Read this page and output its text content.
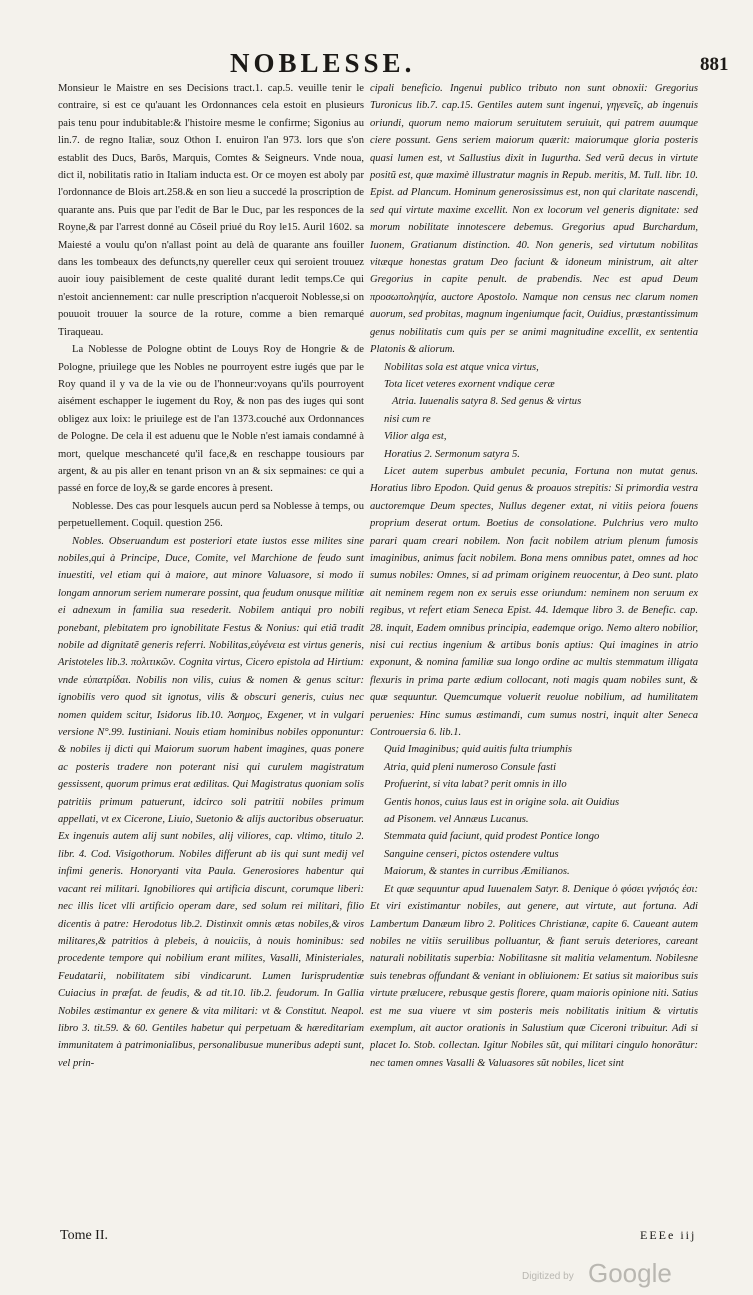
NOBLESSE.	881

Monsieur le Maistre en ses Decisions tract.1. cap.5. veuille tenir le contraire, si est ce qu'auant les Ordonnances cela estoit en plusieurs pais tenu pour indubitable:& l'histoire mesme le confirme; Sigonius au lin.7. de regno Italiæ, souz Othon I. enuiron l'an 973. lors que s'on establit des Ducs, Barôs, Marquis, Comtes & Seigneurs. Vnde noua, dict il, nobilitatis ratio in Italiam inducta est. Or ce moyen est aboly par l'ordonnance de Blois art.258.& en son lieu a succedé la proscription de quarante ans. Puis que par l'edit de Bar le Duc, par les responces de la Royne,& par l'arrest donné au Cõseil priué du Roy le15. Auril 1602. sa Maiesté a voulu qu'on n'allast point au delà de quarante ans fouiller dans les tombeaux des defuncts,ny quereller ceux qui seroient trouuez auoir iouy paisiblement de ceste qualité durant ledit temps.Ce qui n'estoit anciennement: car nulle prescription n'acqueroit Noblesse,si on pouuoit trouuer la source de la roture, comme a bien remarqué Tiraqueau.

La Noblesse de Pologne obtint de Louys Roy de Hongrie & de Pologne, priuilege que les Nobles ne pourroyent estre iugés que par le Roy quand il y va de la vie ou de l'honneur:voyans qu'ils pourroyent aisément eschapper le iugement du Roy, & non pas des iuges qui sont obligez aux loix: le priuilege est de l'an 1373.couché aux Ordonnances de Pologne. De cela il est aduenu que le Noble n'est iamais condamné à mort, quelque meschanceté qu'il face,& en reschappe tousiours par argent, & au pis aller en tenant prison vn an & six sepmaines: ce qui a passé en force de loy,& se garde encores à present.

Noblesse. Des cas pour lesquels aucun perd sa Noblesse à temps, ou perpetuellement. Coquil. question 256.

Nobles. Obseruandum est posteriori etate iustos esse milites sine nobiles,qui à Principe, Duce, Comite, vel Marchione de feudo sunt inuestiti, vel etiam qui à maiore, aut minore Valuasore, si modo ii longam annorum seriem numerare possint, qua feudum onusque militiæ ei adnexum in familia sua resederit. Nobilem antiqui pro nobili ponebant, plebitatem pro ignobilitate Festus & Nonius: qui etiã tradit nobile ad dignitatẽ generis referri. Nobilitas,εὐγένεια est virtus generis, Aristoteles lib.3. πολιτικῶν. Cognita virtus, Cicero epistola ad Hirtium: vnde εὐπατρίδαι. Nobilis non vilis, cuius & nomen & genus scitur: ignobilis vero quod sit ignotus, vilis & obscuri generis, cuius nec nomen quidem scitur, Isidorus lib.10. Ἀσημος, Exgener, vt in vulgari versione N°.99. Iustiniani. Nouis etiam hominibus nobiles opponuntur: & nobiles ij dicti qui Maiorum suorum habent imagines, quas ponere ac posteris tradere non poterant nisi qui curulem magistratum gessissent, quorum primus erat ædilitas. Qui Magistratus quoniam solis patritiis primum patuerunt, idcirco soli patritii nobiles primum appellati, vt ex Cicerone, Liuio, Suetonio & alijs auctoribus obseruatur. Ex ingenuis autem alij sunt nobiles, alij viliores, cap. vltimo, titulo 2. libr. 4. Cod. Visigothorum. Nobiles differunt ab iis qui sunt medij vel infimi generis. Honoryanti vita Paula. Generosiores habentur qui vacant rei militari. Ignobiliores qui artificia discunt, corumque liberi: nec illis licet vlli artificio operam dare, sed solum rei militari, filio dicentis à patre: Herodotus lib.2. Distinxit omnis ætas nobiles,& viros militares,& patritios à plebeis, à nouiciis, à nouis hominibus: sed procedente tempore qui nobilium erant milites, Vasalli, Ministeriales, Feudatarii, nobilitatem sibi vindicarunt. Lumen Iurisprudentiæ Cuiacius in præfat. de feudis, & ad tit.10. lib.2. feudorum. In Gallia Nobiles æstimantur ex genere & vita militari: vt & Constitut. Neapol. libro 3. tit.59. & 60. Gentiles habetur qui perpetuam & hæreditariam immunitatem à patrimonialibus, personalibusue muneribus adepti sunt, vel prin-

cipali beneficio. Ingenui publico tributo non sunt obnoxii: Gregorius Turonicus lib.7. cap.15. Gentiles autem sunt ingenui, γηγενεῖς, ab ingenuis oriundi, quorum nemo maiorum seruitutem seruiuit, qui patrem auumque ciere possunt. Gens seriem maiorum quærit: maiorumque gloria posteris quasi lumen est, vt Sallustius dixit in Iugurtha. Sed verũ decus in virtute positũ est, quæ maximè illustratur magnis in Repub. meritis, M. Tull. libr. 10. Epist. ad Plancum. Hominum generosissimus est, non qui claritate nascendi, sed qui virtute maxime excellit. Non ex locorum vel generis dignitate: sed morum nobilitate innotescere debemus. Gregorius apud Burchardum, Iuonem, Gratianum distinction. 40. Non generis, sed virtutum nobilitas vitæque honestas gratum Deo faciunt & idoneum ministrum, ait alter Gregorius in capite penult. de prabendis. Nec est apud Deum προσωποληψία, auctore Apostolo. Namque non census nec clarum nomen auorum, sed probitas, magnum ingeniumque facit, Ouidius, præstantissimum genus nobilitatis cum quis per se animi magnitudine excellit, ex sententia Platonis & aliorum.

Nobilitas sola est atque vnica virtus,

Tota licet veteres exornent vndique ceræ

Atria. Iuuenalis satyra 8. Sed genus & virtus

nisi cum re

Vilior alga est,

Horatius 2. Sermonum satyra 5.

Licet autem superbus ambulet pecunia, Fortuna non mutat genus. Horatius libro Epodon. Quid genus & proauos strepitis: Si primordia vestra auctoremque Deum spectes, Nullus degener extat, ni vitiis peiora fouens proprium deserat ortum. Boetius de consolatione. Pulchrius vero multo parari quam creari nobilem. Non facit nobilem atrium plenum fumosis imaginibus, animus facit nobilem. Bona mens omnibus patet, omnes ad hoc sumus nobiles: Omnes, si ad primam originem reuocentur, à Deo sunt. plato ait neminem regem non ex seruis esse oriundum: neminem non seruum ex regibus, vt refert etiam Seneca Epist. 44. Idemque libro 3. de Benefic. cap. 28. inquit, Eadem omnibus principia, eademque origo. Nemo altero nobilior, nisi cui rectius ingenium & artibus bonis aptius: Qui imagines in atrio exponunt, & nomina familiæ sua longo ordine ac multis stemmatum illigata flexuris in prima parte ædium collocant, noti magis quam nobiles sunt, & quæ sequuntur. Quemcumque voluerit reuolue nobilium, ad humilitatem peruenies: Hinc sumus æstimandi, cum sumus nostri, inquit alter Seneca Controuersia 6. lib.1.

Quid Imaginibus; quid auitis fulta triumphis

Atria, quid pleni numeroso Consule fasti

Profuerint, si vita labat? perit omnis in illo

Gentis honos, cuius laus est in origine sola. ait Ouidius

ad Pisonem. vel Annæus Lucanus.

Stemmata quid faciunt, quid prodest Pontice longo

Sanguine censeri, pictos ostendere vultus

Maiorum, & stantes in curribus Æmilianos.

Et quæ sequuntur apud Iuuenalem Satyr. 8. Denique ὁ φύσει γνήσιός ἐσι: Et viri existimantur nobiles, aut genere, aut virtute, aut fortuna. Adi Lambertum Danæum libro 2. Politices Christianæ, capite 6. Caueant autem nobiles ne vitiis seruilibus polluantur, & fiant seruis deteriores, careant naturali nobilitatis superbia: Nobilitasne sit malitia velamentum. Nobilesne suis tenebras offundant & veniant in obliuionem: Et satius sit maioribus suis virtute prælucere, rebusque gestis florere, quam maioris opinione niti. Satius est me sua viuere vt sim posteris meis nobilitatis initium & virtutis exemplum, ait auctor orationis in Salustium quæ Ciceroni tribuitur. Adi si placet Io. Stob. collectan. Igitur Nobiles sũt, qui militari cingulo honorãtur: nec tamen omnes Vasalli & Valuasores sũt nobiles, licet sint

Tome II.	EEEe iij
Digitized by Google
